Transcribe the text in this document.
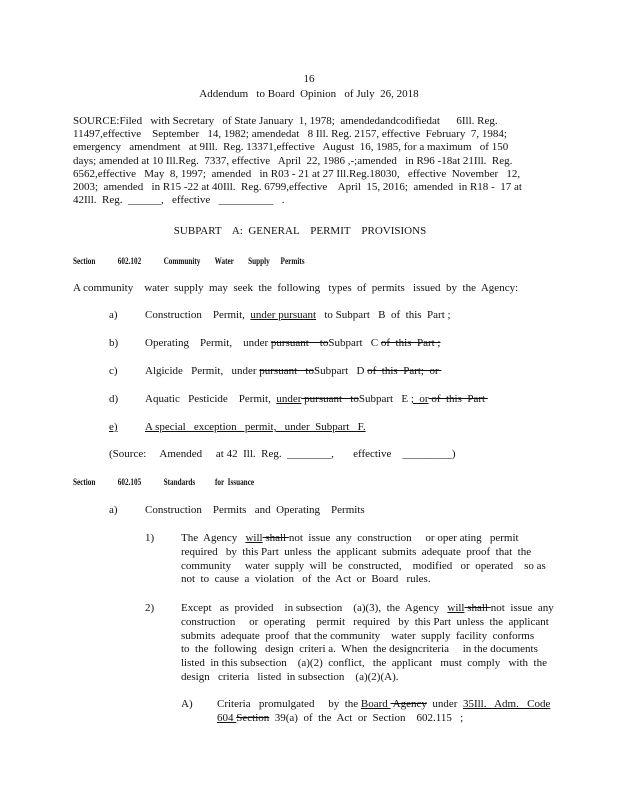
16
Addendum   to Board  Opinion   of July  26, 2018
SOURCE:Filed   with Secretary   of State January  1, 1978;  amendedandcodifiedat      6Ill. Reg.
11497,effective    September   14, 1982; amendedat   8 Ill. Reg. 2157, effective  February  7, 1984;
emergency   amendment   at 9Ill.  Reg. 13371,effective   August  16, 1985, for a maximum   of 150
days; amended at 10 Ill.Reg.  7337, effective   April  22, 1986 ,-;amended   in R96 -18at 21Ill.  Reg.
6562,effective   May  8, 1997;  amended   in R03 - 21 at 27 Ill.Reg.18030,   effective  November   12,
2003;  amended   in R15 -22 at 40Ill.  Reg. 6799,effective    April  15, 2016;  amended  in R18 -  17 at
42Ill.  Reg.  ______,   effective   __________   .
SUBPART    A:  GENERAL    PERMIT    PROVISIONS
Section 602.102 Community        Water        Supply      Permits
A community    water  supply  may  seek  the  following   types  of  permits   issued  by  the  Agency:
a) Construction    Permit,  under pursuant   to Subpart   B  of  this  Part ;
b) Operating    Permit,    under pursuant    toSubpart   C of  this  Part ;
c) Algicide   Permit,   under pursuant   toSubpart   D of  this  Part;  or
d) Aquatic   Pesticide    Permit,  under pursuant   toSubpart   E ;  or of  this  Part
e) A special   exception   permit,   under  Subpart   F.
(Source:     Amended     at 42  Ill.  Reg.  ________,       effective    _________)
Section 602.105 Standards           for  Issuance
a) Construction    Permits   and  Operating    Permits
1) The  Agency   will shall not  issue  any  construction     or oper ating   permit
required   by  this Part  unless  the  applicant  submits  adequate  proof  that  the
community     water  supply  will  be  constructed,    modified   or  operated    so as
not  to  cause  a  violation   of  the  Act  or  Board   rules.
2) Except   as  provided    in subsection    (a)(3),  the  Agency   will shall not  issue  any
construction     or  operating    permit   required   by  this Part  unless  the  applicant
submits  adequate  proof  that the community    water  supply  facility  conforms
to  the  following   design  criteri a.  When  the designcriteria     in the documents
listed  in this subsection    (a)(2)  conflict,   the  applicant   must  comply   with  the
design   criteria   listed  in subsection    (a)(2)(A).
A) Criteria   promulgated     by  the Board  Agency  under  35Ill.   Adm.   Code
604 Section  39(a)  of  the  Act  or  Section    602.115   ;
